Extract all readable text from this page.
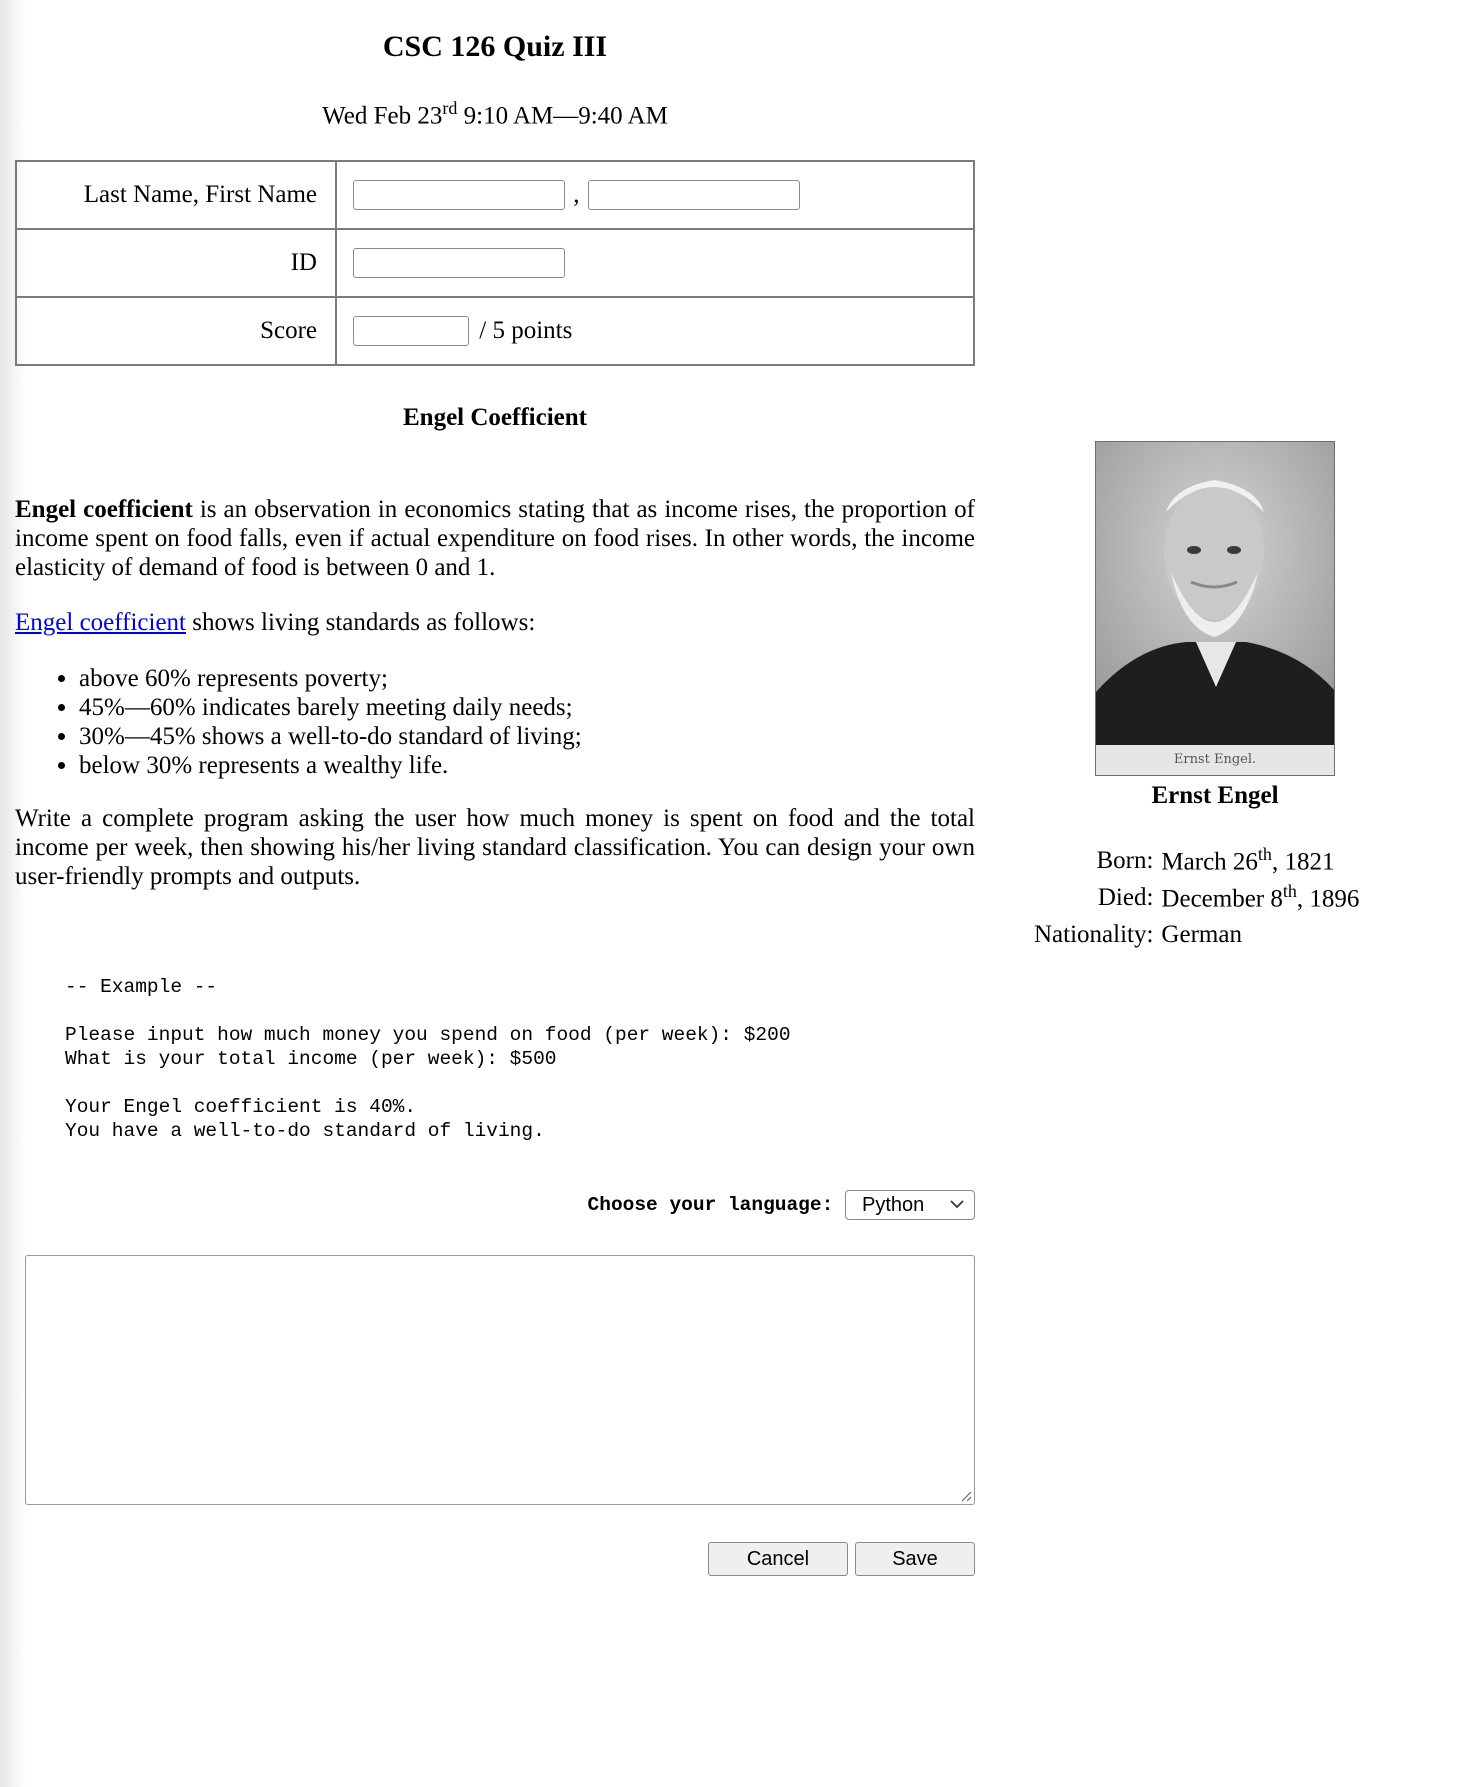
CSC 126 Quiz III
Wed Feb 23rd 9:10 AM—9:40 AM
Last Name, First Name	,
ID	
Score	/ 5 points
Engel Coefficient

Engel coefficient is an observation in economics stating that as income rises, the proportion of income spent on food falls, even if actual expenditure on food rises. In other words, the income elasticity of demand of food is between 0 and 1.

Engel coefficient shows living standards as follows:

• above 60% represents poverty;
• 45%—60% indicates barely meeting daily needs;
• 30%—45% shows a well-to-do standard of living;
• below 30% represents a wealthy life.

Write a complete program asking the user how much money is spent on food and the total income per week, then showing his/her living standard classification. You can design your own user-friendly prompts and outputs.

-- Example --
Please input how much money you spend on food (per week): $200
What is your total income (per week): $500
Your Engel coefficient is 40%.
You have a well-to-do standard of living.
Choose your language: Python
Cancel	Save
Ernst Engel.
Ernst Engel
Born:	March 26th, 1821
Died:	December 8th, 1896
Nationality:	German
